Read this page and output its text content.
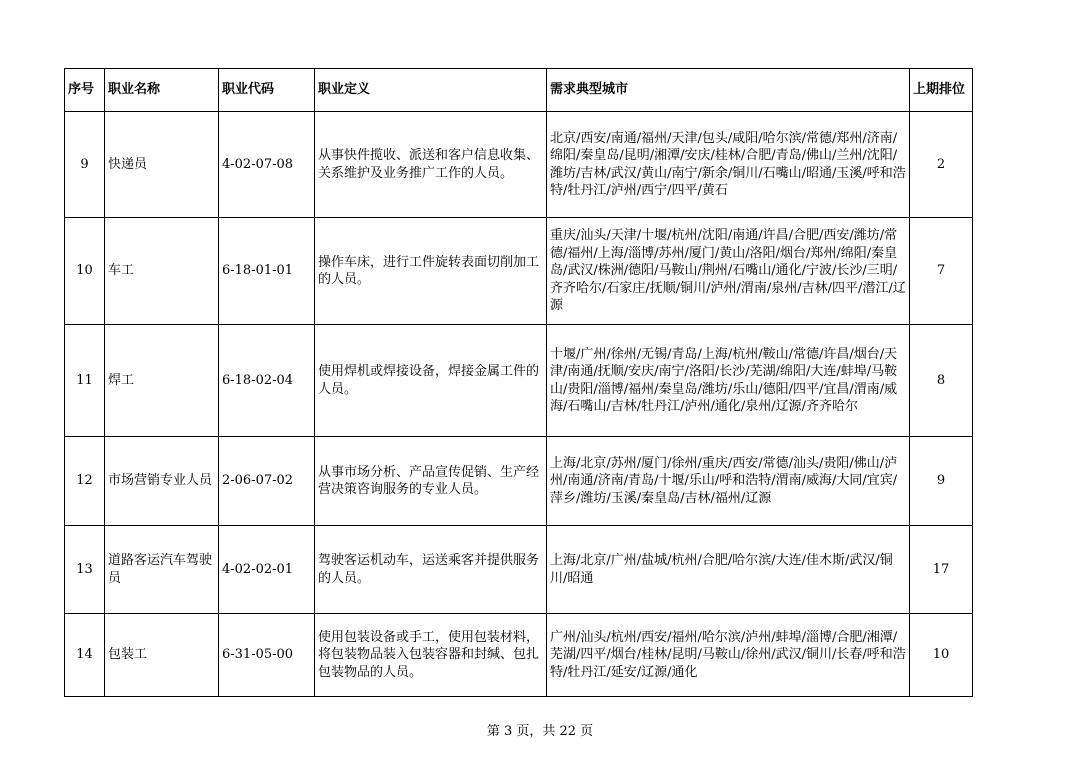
序号	职业名称	职业代码	职业定义	需求典型城市	上期排位
9	快递员	4-02-07-08	从事快件揽收、派送和客户信息收集、关系维护及业务推广工作的人员。	北京/西安/南通/福州/天津/包头/咸阳/哈尔滨/常德/郑州/济南/绵阳/秦皇岛/昆明/湘潭/安庆/桂林/合肥/青岛/佛山/兰州/沈阳/潍坊/吉林/武汉/黄山/南宁/新余/铜川/石嘴山/昭通/玉溪/呼和浩特/牡丹江/泸州/西宁/四平/黄石	2
10	车工	6-18-01-01	操作车床，进行工件旋转表面切削加工的人员。	重庆/汕头/天津/十堰/杭州/沈阳/南通/许昌/合肥/西安/潍坊/常德/福州/上海/淄博/苏州/厦门/黄山/洛阳/烟台/郑州/绵阳/秦皇岛/武汉/株洲/德阳/马鞍山/荆州/石嘴山/通化/宁波/长沙/三明/齐齐哈尔/石家庄/抚顺/铜川/泸州/渭南/泉州/吉林/四平/潜江/辽源	7
11	焊工	6-18-02-04	使用焊机或焊接设备，焊接金属工件的人员。	十堰/广州/徐州/无锡/青岛/上海/杭州/鞍山/常德/许昌/烟台/天津/南通/抚顺/安庆/南宁/洛阳/长沙/芜湖/绵阳/大连/蚌埠/马鞍山/贵阳/淄博/福州/秦皇岛/潍坊/乐山/德阳/四平/宜昌/渭南/威海/石嘴山/吉林/牡丹江/泸州/通化/泉州/辽源/齐齐哈尔	8
12	市场营销专业人员	2-06-07-02	从事市场分析、产品宣传促销、生产经营决策咨询服务的专业人员。	上海/北京/苏州/厦门/徐州/重庆/西安/常德/汕头/贵阳/佛山/泸州/南通/济南/青岛/十堰/乐山/呼和浩特/渭南/威海/大同/宜宾/萍乡/潍坊/玉溪/秦皇岛/吉林/福州/辽源	9
13	道路客运汽车驾驶员	4-02-02-01	驾驶客运机动车，运送乘客并提供服务的人员。	上海/北京/广州/盐城/杭州/合肥/哈尔滨/大连/佳木斯/武汉/铜川/昭通	17
14	包装工	6-31-05-00	使用包装设备或手工，使用包装材料，将包装物品装入包装容器和封缄、包扎包装物品的人员。	广州/汕头/杭州/西安/福州/哈尔滨/泸州/蚌埠/淄博/合肥/湘潭/芜湖/四平/烟台/桂林/昆明/马鞍山/徐州/武汉/铜川/长春/呼和浩特/牡丹江/延安/辽源/通化	10
第 3 页，共 22 页
